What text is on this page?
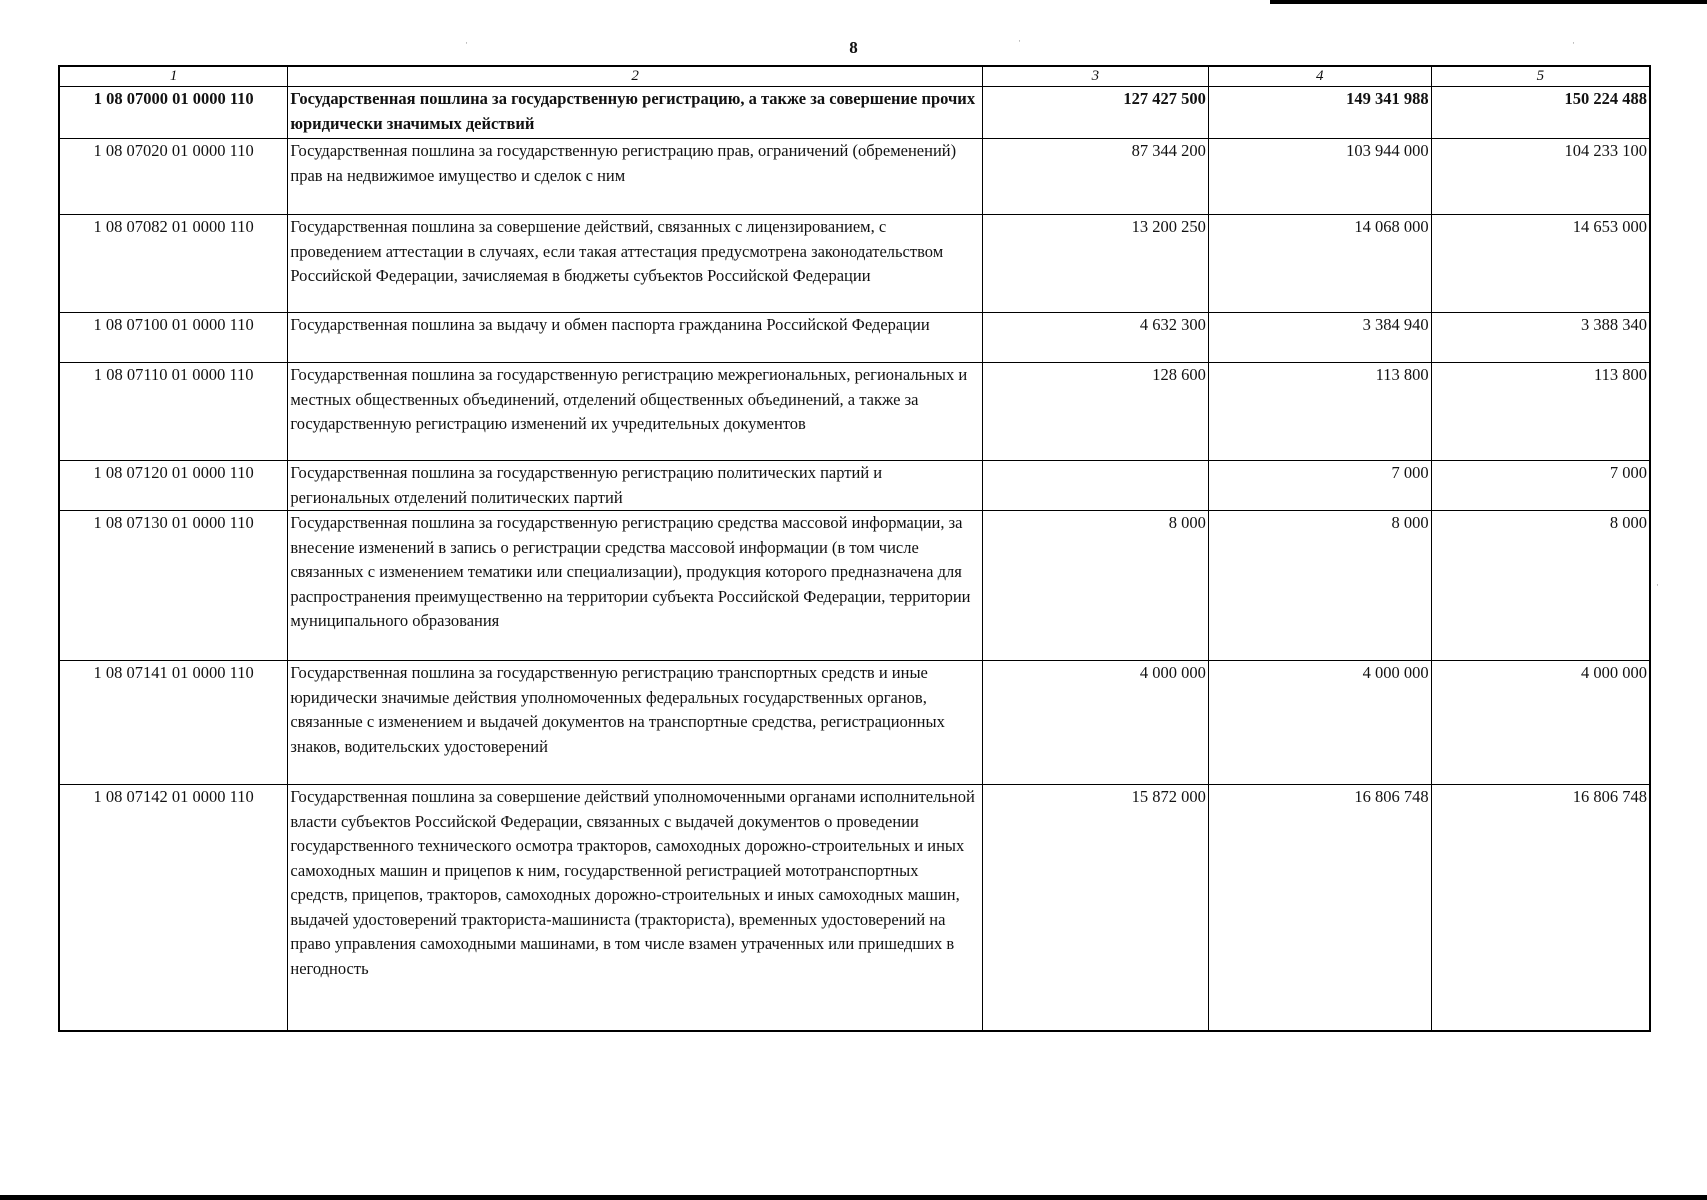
·	·	·
·
8
1	2	3	4	5
1 08 07000 01 0000 110	Государственная пошлина за государственную регистрацию, а также за совершение прочих юридически значимых действий	127 427 500	149 341 988	150 224 488
1 08 07020 01 0000 110	Государственная пошлина за государственную регистрацию прав, ограничений (обременений) прав на недвижимое имущество и сделок с ним	87 344 200	103 944 000	104 233 100
1 08 07082 01 0000 110	Государственная пошлина за совершение действий, связанных с лицензированием, с проведением аттестации в случаях, если такая аттестация предусмотрена законодательством Российской Федерации, зачисляемая в бюджеты субъектов Российской Федерации	13 200 250	14 068 000	14 653 000
1 08 07100 01 0000 110	Государственная пошлина за выдачу и обмен паспорта гражданина Российской Федерации	4 632 300	3 384 940	3 388 340
1 08 07110 01 0000 110	Государственная пошлина за государственную регистрацию межрегиональных, региональных и местных общественных объединений, отделений общественных объединений, а также за государственную регистрацию изменений их учредительных документов	128 600	113 800	113 800
1 08 07120 01 0000 110	Государственная пошлина за государственную регистрацию политических партий и региональных отделений политических партий		7 000	7 000
1 08 07130 01 0000 110	Государственная пошлина за государственную регистрацию средства массовой информации, за внесение изменений в запись о регистрации средства массовой информации (в том числе связанных с изменением тематики или специализации), продукция которого предназначена для распространения преимущественно на территории субъекта Российской Федерации, территории муниципального образования	8 000	8 000	8 000
1 08 07141 01 0000 110	Государственная пошлина за государственную регистрацию транспортных средств и иные юридически значимые действия уполномоченных федеральных государственных органов, связанные с изменением и выдачей документов на транспортные средства, регистрационных знаков, водительских удостоверений	4 000 000	4 000 000	4 000 000
1 08 07142 01 0000 110	Государственная пошлина за совершение действий уполномоченными органами исполнительной власти субъектов Российской Федерации, связанных с выдачей документов о проведении государственного технического осмотра тракторов, самоходных дорожно-строительных и иных самоходных машин и прицепов к ним, государственной регистрацией мототранспортных средств, прицепов, тракторов, самоходных дорожно-строительных и иных самоходных машин, выдачей удостоверений тракториста-машиниста (тракториста), временных удостоверений на право управления самоходными машинами, в том числе взамен утраченных или пришедших в негодность	15 872 000	16 806 748	16 806 748
